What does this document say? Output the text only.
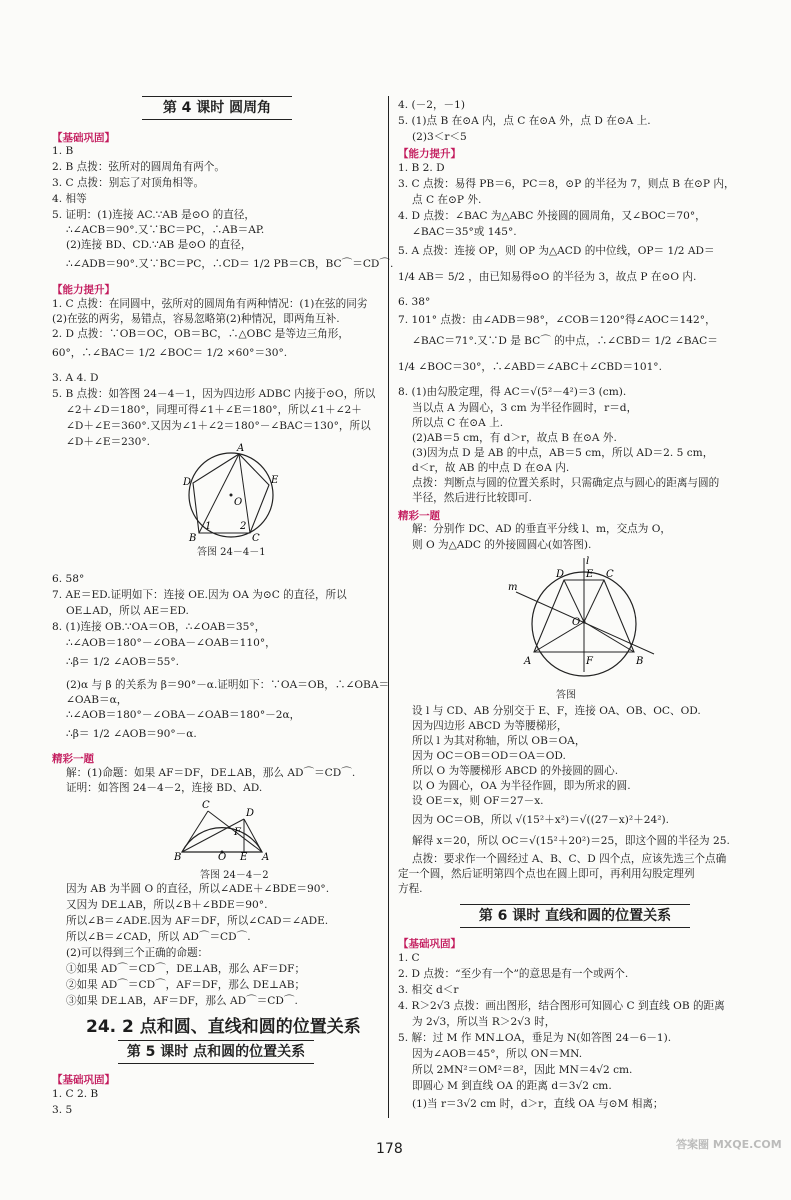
第 4 课时 圆周角
【基础巩固】
1. B
2. B 点拨：弦所对的圆周角有两个。
3. C 点拨：别忘了对顶角相等。
4. 相等
5. 证明：(1)连接 AC.∵AB 是⊙O 的直径，
∴∠ACB＝90°.又∵BC＝PC，∴AB＝AP.
(2)连接 BD、CD.∵AB 是⊙O 的直径，
∴∠ADB＝90°.又∵BC＝PC，∴CD＝ 1/2 PB＝CB，BC⌒＝CD⌒.
【能力提升】
1. C 点拨：在同圆中，弦所对的圆周角有两种情况：(1)在弦的同劣
(2)在弦的两劣，易错点，容易忽略第(2)种情况，即两角互补.
2. D 点拨：∵OB＝OC，OB＝BC，∴△OBC 是等边三角形，
60°，∴∠BAC＝ 1/2 ∠BOC＝ 1/2 ×60°＝30°.
3. A 4. D
5. B 点拨：如答图 24－4－1，因为四边形 ADBC 内接于⊙O，所以
∠2＋∠D＝180°，同理可得∠1＋∠E＝180°，所以∠1＋∠2＋
∠D＋∠E＝360°.又因为∠1＋∠2＝180°－∠BAC＝130°，所以
∠D＋∠E＝230°.
A
E
D
B	C
O
1	2
答图 24－4－1
6. 58°
7. AE＝ED.证明如下：连接 OE.因为 OA 为⊙C 的直径，所以
OE⊥AD，所以 AE＝ED.
8. (1)连接 OB.∵OA＝OB，∴∠OAB＝35°，
∴∠AOB＝180°－∠OBA－∠OAB＝110°，
∴β＝ 1/2 ∠AOB＝55°.
(2)α 与 β 的关系为 β＝90°－α.证明如下：∵OA＝OB，∴∠OBA＝
∠OAB＝α，
∴∠AOB＝180°－∠OBA－∠OAB＝180°－2α，
∴β＝ 1/2 ∠AOB＝90°－α.
精彩一题
解：(1)命题：如果 AF＝DF，DE⊥AB，那么 AD⌒＝CD⌒.
证明：如答图 24－4－2，连接 BD、AD.
C
D
F
B	O E A
答图 24－4－2
因为 AB 为半圆 O 的直径，所以∠ADE＋∠BDE＝90°.
又因为 DE⊥AB，所以∠B＋∠BDE＝90°.
所以∠B＝∠ADE.因为 AF＝DF，所以∠CAD＝∠ADE.
所以∠B＝∠CAD，所以 AD⌒＝CD⌒.
(2)可以得到三个正确的命题：
①如果 AD⌒＝CD⌒，DE⊥AB，那么 AF＝DF；
②如果 AD⌒＝CD⌒，AF＝DF，那么 DE⊥AB；
③如果 DE⊥AB，AF＝DF，那么 AD⌒＝CD⌒.
24. 2 点和圆、直线和圆的位置关系
第 5 课时 点和圆的位置关系
【基础巩固】
1. C 2. B
3. 5
4. (－2，－1)
5. (1)点 B 在⊙A 内，点 C 在⊙A 外，点 D 在⊙A 上.
(2)3＜r＜5
【能力提升】
1. B 2. D
3. C 点拨：易得 PB＝6，PC＝8，⊙P 的半径为 7，则点 B 在⊙P 内，
点 C 在⊙P 外.
4. D 点拨：∠BAC 为△ABC 外接圆的圆周角，又∠BOC＝70°，
∠BAC＝35°或 145°.
5. A 点拨：连接 OP，则 OP 为△ACD 的中位线，OP＝ 1/2 AD＝
1/4 AB＝ 5/2 ，由已知易得⊙O 的半径为 3，故点 P 在⊙O 内.
6. 38°
7. 101° 点拨：由∠ADB＝98°，∠COB＝120°得∠AOC＝142°，
∠BAC＝71°.又∵D 是 BC⌒ 的中点，∴∠CBD＝ 1/2 ∠BAC＝
1/4 ∠BOC＝30°，∴∠ABD＝∠ABC＋∠CBD＝101°.
8. (1)由勾股定理，得 AC＝√(5²－4²)＝3 (cm).
当以点 A 为圆心，3 cm 为半径作圆时，r＝d，
所以点 C 在⊙A 上.
(2)AB＝5 cm，有 d＞r，故点 B 在⊙A 外.
(3)因为点 D 是 AB 的中点，AB＝5 cm，所以 AD＝2. 5 cm，
d＜r，故 AB 的中点 D 在⊙A 内.
点拨：判断点与圆的位置关系时，只需确定点与圆心的距离与圆的
半径，然后进行比较即可.
精彩一题
解：分别作 DC、AD 的垂直平分线 l、m，交点为 O，
则 O 为△ADC 的外接圆圆心(如答图).
l
m
D E C
O
A	F	B
答图
设 l 与 CD、AB 分别交于 E、F，连接 OA、OB、OC、OD.
因为四边形 ABCD 为等腰梯形，
所以 l 为其对称轴，所以 OB＝OA，
因为 OC＝OB＝OD＝OA＝OD.
所以 O 为等腰梯形 ABCD 的外接圆的圆心.
以 O 为圆心，OA 为半径作圆，即为所求的圆.
设 OE＝x，则 OF＝27－x.
因为 OC＝OB，所以 √(15²＋x²)＝√((27－x)²＋24²).
解得 x＝20，所以 OC＝√(15²＋20²)＝25，即这个圆的半径为 25.
点拨：要求作一个圆经过 A、B、C、D 四个点，应该先选三个点确
定一个圆，然后证明第四个点也在圆上即可，再利用勾股定理列
方程.
第 6 课时 直线和圆的位置关系
【基础巩固】
1. C
2. D 点拨：“至少有一个”的意思是有一个或两个.
3. 相交 d＜r
4. R＞2√3 点拨：画出图形，结合图形可知圆心 C 到直线 OB 的距离
为 2√3，所以当 R＞2√3 时，
5. 解：过 M 作 MN⊥OA，垂足为 N(如答图 24－6－1).
因为∠AOB＝45°，所以 ON＝MN.
所以 2MN²＝OM²＝8²，因此 MN＝4√2 cm.
即圆心 M 到直线 OA 的距离 d＝3√2 cm.
(1)当 r＝3√2 cm 时，d＞r，直线 OA 与⊙M 相离；
178	答案圈 MXQE.COM
